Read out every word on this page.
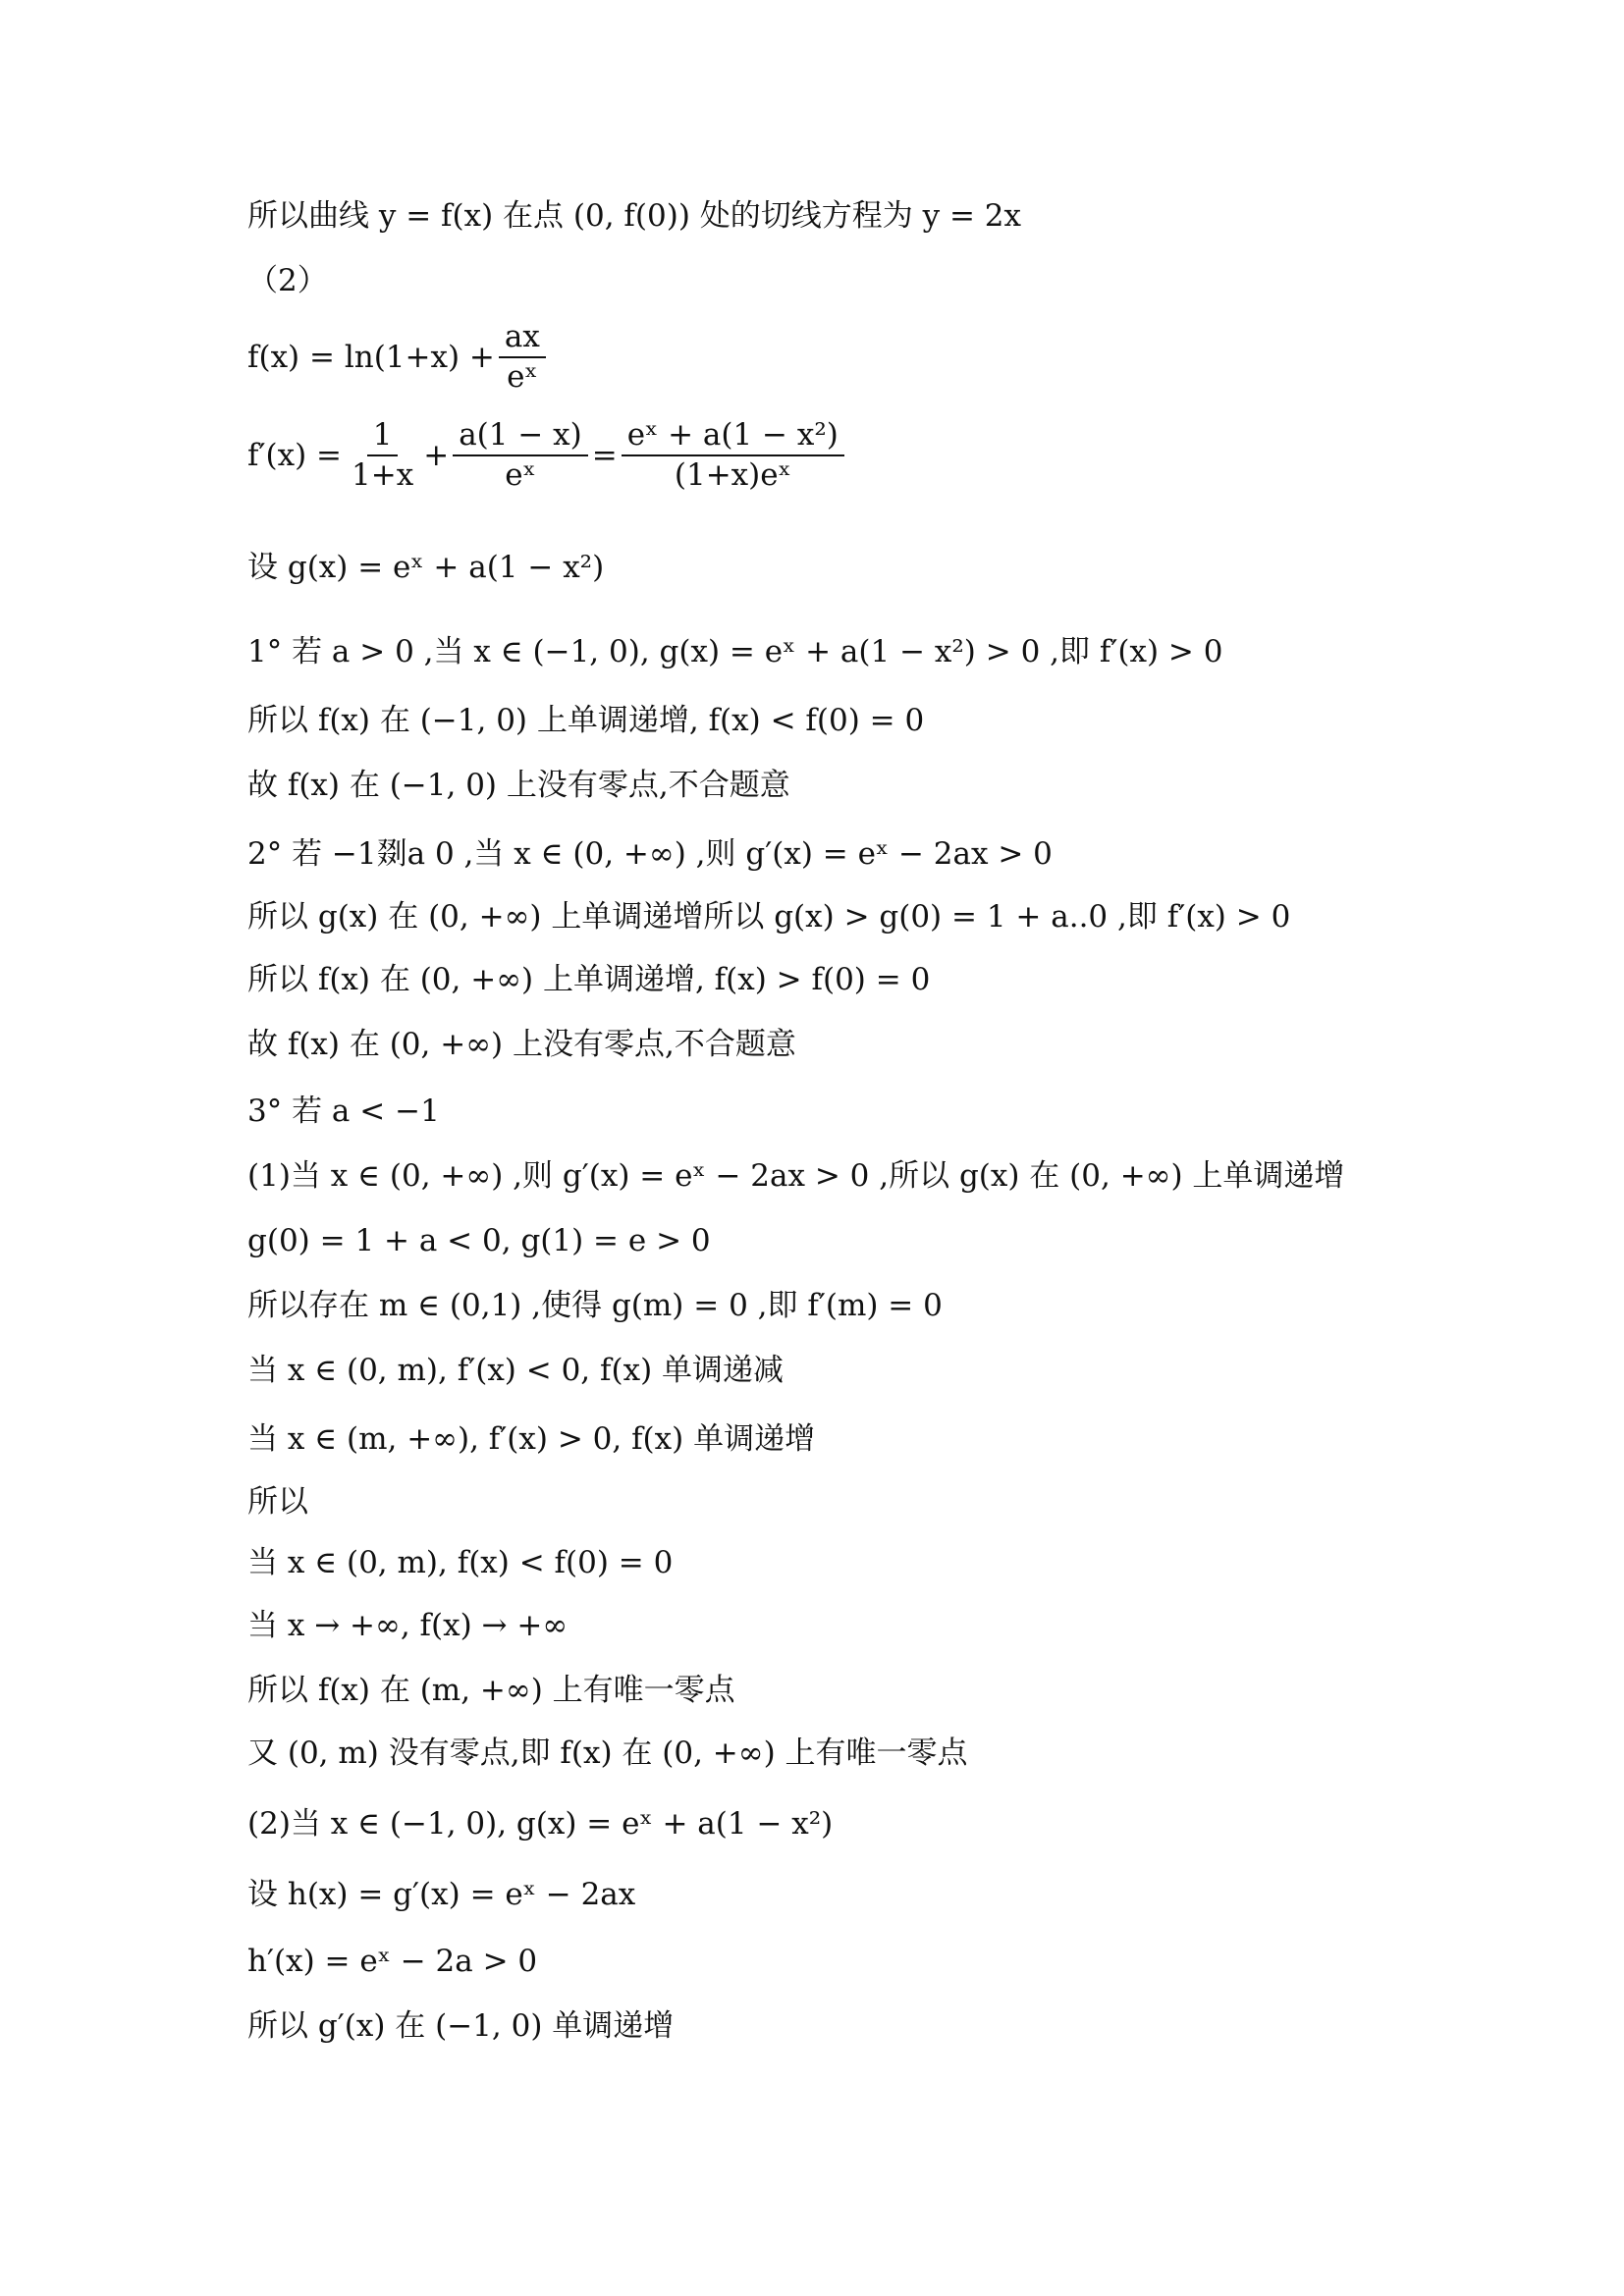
所以曲线 y = f(x) 在点 (0, f(0)) 处的切线方程为 y = 2x
（2）
$f(x) = \ln(1+x) + \frac{ax}{\text{eˣ}}$
$f'(x) = \frac{1}{1+x} + \frac{a(1 - x)}{\text{eˣ}} = \frac{\text{eˣ + a(1 − x²)}}{\text{(1+x)eˣ}}$
设 g(x) = eˣ + a(1 − x²)
1° 若 a > 0 ,当 x ∈ (−1, 0), g(x) = eˣ + a(1 − x²) > 0 ,即 f′(x) > 0
所以 f(x) 在 (−1, 0) 上单调递增, f(x) < f(0) = 0
故 f(x) 在 (−1, 0) 上没有零点,不合题意
2° 若 −1剟a 0 ,当 x ∈ (0, +∞) ,则 g′(x) = eˣ − 2ax > 0
所以 g(x) 在 (0, +∞) 上单调递增所以 g(x) > g(0) = 1 + a..0 ,即 f′(x) > 0
所以 f(x) 在 (0, +∞) 上单调递增, f(x) > f(0) = 0
故 f(x) 在 (0, +∞) 上没有零点,不合题意
3° 若 a < −1
(1)当 x ∈ (0, +∞) ,则 g′(x) = eˣ − 2ax > 0 ,所以 g(x) 在 (0, +∞) 上单调递增
g(0) = 1 + a < 0, g(1) = e > 0
所以存在 m ∈ (0,1) ,使得 g(m) = 0 ,即 f′(m) = 0
当 x ∈ (0, m), f′(x) < 0, f(x) 单调递减
当 x ∈ (m, +∞), f′(x) > 0, f(x) 单调递增
所以
当 x ∈ (0, m), f(x) < f(0) = 0
当 x → +∞, f(x) → +∞
所以 f(x) 在 (m, +∞) 上有唯一零点
又 (0, m) 没有零点,即 f(x) 在 (0, +∞) 上有唯一零点
(2)当 x ∈ (−1, 0), g(x) = eˣ + a(1 − x²)
设 h(x) = g′(x) = eˣ − 2ax
h′(x) = eˣ − 2a > 0
所以 g′(x) 在 (−1, 0) 单调递增
